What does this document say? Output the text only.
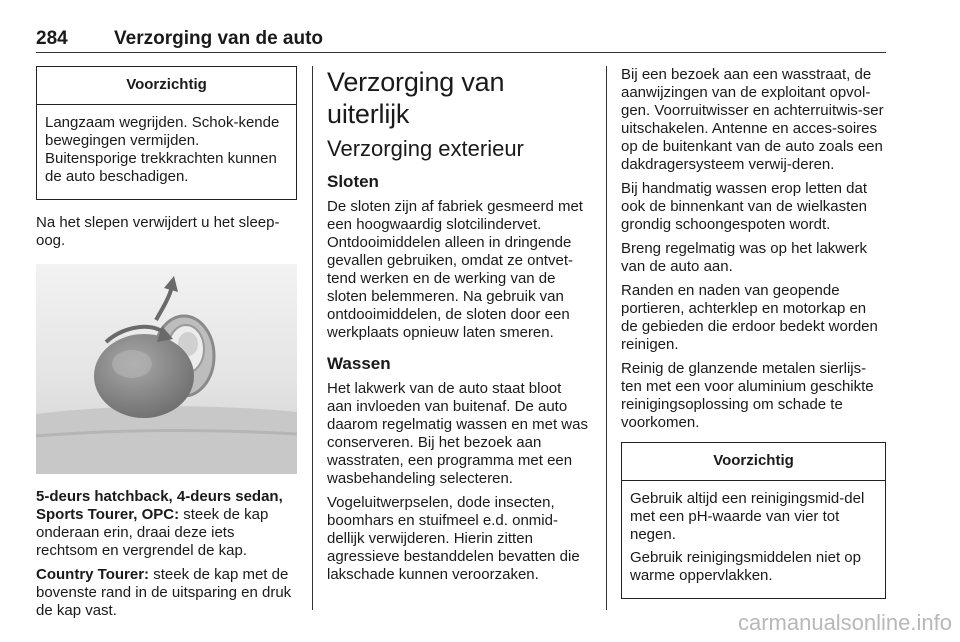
284 Verzorging van de auto
Voorzichtig

Langzaam wegrijden. Schok-kende bewegingen vermijden. Buitensporige trekkrachten kunnen de auto beschadigen.

Na het slepen verwijdert u het sleep-oog.

5-deurs hatchback, 4-deurs sedan, Sports Tourer, OPC: steek de kap onderaan erin, draai deze iets rechtsom en vergrendel de kap.

Country Tourer: steek de kap met de bovenste rand in de uitsparing en druk de kap vast.

Verzorging van uiterlijk
Verzorging exterieur
Sloten

De sloten zijn af fabriek gesmeerd met een hoogwaardig slotcilindervet. Ontdooimiddelen alleen in dringende gevallen gebruiken, omdat ze ontvet-tend werken en de werking van de sloten belemmeren. Na gebruik van ontdooimiddelen, de sloten door een werkplaats opnieuw laten smeren.

Wassen

Het lakwerk van de auto staat bloot aan invloeden van buitenaf. De auto daarom regelmatig wassen en met was conserveren. Bij het bezoek aan wasstraten, een programma met een wasbehandeling selecteren.

Vogeluitwerpselen, dode insecten, boomhars en stuifmeel e.d. onmid-dellijk verwijderen. Hierin zitten agressieve bestanddelen bevatten die lakschade kunnen veroorzaken.

Bij een bezoek aan een wasstraat, de aanwijzingen van de exploitant opvol-gen. Voorruitwisser en achterruitwis-ser uitschakelen. Antenne en acces-soires op de buitenkant van de auto zoals een dakdragersysteem verwij-deren.

Bij handmatig wassen erop letten dat ook de binnenkant van de wielkasten grondig schoongespoten wordt.

Breng regelmatig was op het lakwerk van de auto aan.

Randen en naden van geopende portieren, achterklep en motorkap en de gebieden die erdoor bedekt worden reinigen.

Reinig de glanzende metalen sierlijs-ten met een voor aluminium geschikte reinigingsoplossing om schade te voorkomen.

Voorzichtig

Gebruik altijd een reinigingsmid-del met een pH-waarde van vier tot negen.

Gebruik reinigingsmiddelen niet op warme oppervlakken.

carmanualsonline.info
